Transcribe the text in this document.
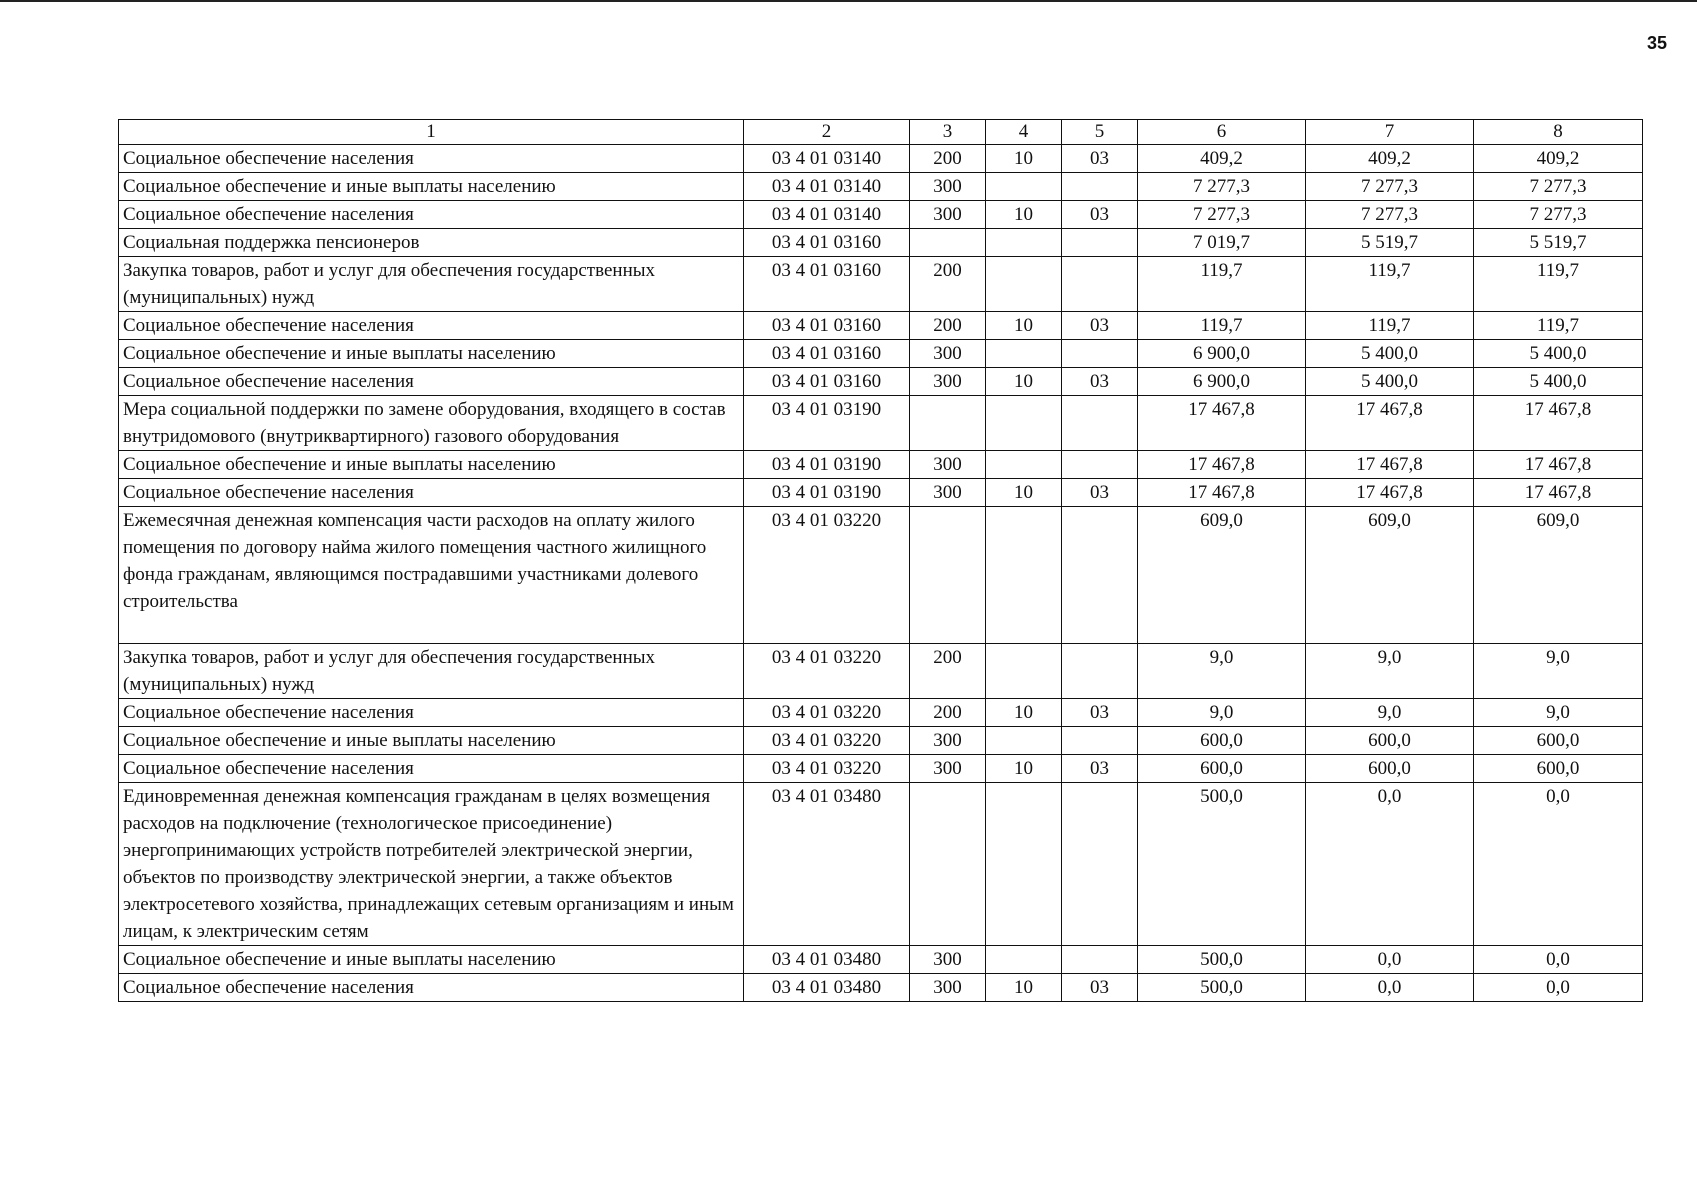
35
1	2	3	4	5	6	7	8
Социальное обеспечение населения	03 4 01 03140	200	10	03	409,2	409,2	409,2
Социальное обеспечение и иные выплаты населению	03 4 01 03140	300			7 277,3	7 277,3	7 277,3
Социальное обеспечение населения	03 4 01 03140	300	10	03	7 277,3	7 277,3	7 277,3
Социальная поддержка пенсионеров	03 4 01 03160				7 019,7	5 519,7	5 519,7
Закупка товаров, работ и услуг для обеспечения государственных (муниципальных) нужд	03 4 01 03160	200			119,7	119,7	119,7
Социальное обеспечение населения	03 4 01 03160	200	10	03	119,7	119,7	119,7
Социальное обеспечение и иные выплаты населению	03 4 01 03160	300			6 900,0	5 400,0	5 400,0
Социальное обеспечение населения	03 4 01 03160	300	10	03	6 900,0	5 400,0	5 400,0
Мера социальной поддержки по замене оборудования, входящего в состав внутридомового (внутриквартирного) газового оборудования	03 4 01 03190				17 467,8	17 467,8	17 467,8
Социальное обеспечение и иные выплаты населению	03 4 01 03190	300			17 467,8	17 467,8	17 467,8
Социальное обеспечение населения	03 4 01 03190	300	10	03	17 467,8	17 467,8	17 467,8
Ежемесячная денежная компенсация части расходов на оплату жилого помещения по договору найма жилого помещения частного жилищного фонда гражданам, являющимся пострадавшими участниками долевого строительства	03 4 01 03220				609,0	609,0	609,0
Закупка товаров, работ и услуг для обеспечения государственных (муниципальных) нужд	03 4 01 03220	200			9,0	9,0	9,0
Социальное обеспечение населения	03 4 01 03220	200	10	03	9,0	9,0	9,0
Социальное обеспечение и иные выплаты населению	03 4 01 03220	300			600,0	600,0	600,0
Социальное обеспечение населения	03 4 01 03220	300	10	03	600,0	600,0	600,0
Единовременная денежная компенсация гражданам в целях возмещения расходов на подключение (технологическое присоединение) энергопринимающих устройств потребителей электрической энергии, объектов по производству электрической энергии, а также объектов электросетевого хозяйства, принадлежащих сетевым организациям и иным лицам, к электрическим сетям	03 4 01 03480				500,0	0,0	0,0
Социальное обеспечение и иные выплаты населению	03 4 01 03480	300			500,0	0,0	0,0
Социальное обеспечение населения	03 4 01 03480	300	10	03	500,0	0,0	0,0
